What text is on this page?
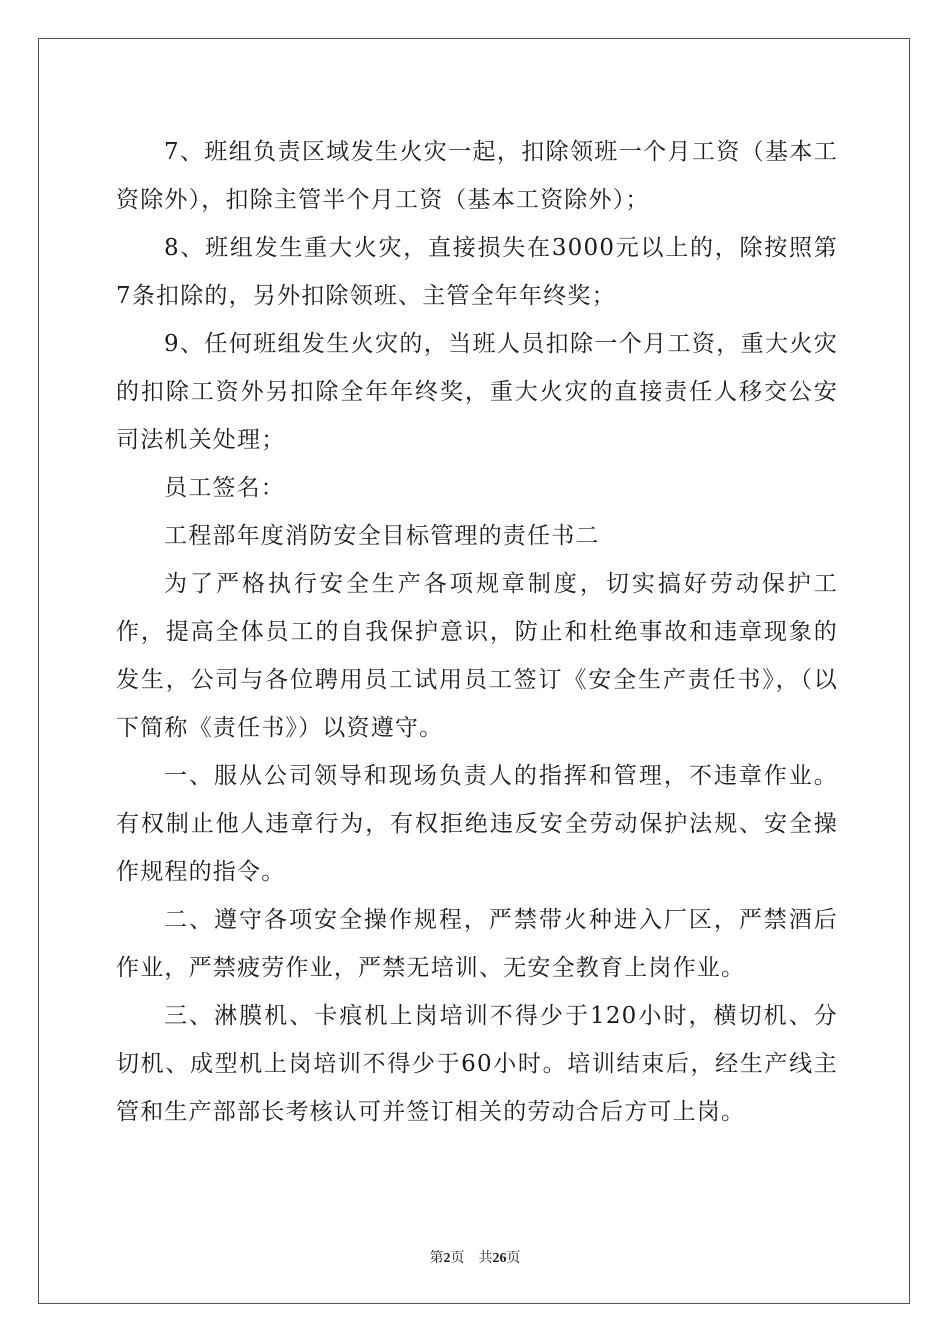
7、班组负责区域发生火灾一起，扣除领班一个月工资（基本工资除外），扣除主管半个月工资（基本工资除外）；

8、班组发生重大火灾，直接损失在3000元以上的，除按照第7条扣除的，另外扣除领班、主管全年年终奖；

9、任何班组发生火灾的，当班人员扣除一个月工资，重大火灾的扣除工资外另扣除全年年终奖，重大火灾的直接责任人移交公安司法机关处理；

员工签名：

工程部年度消防安全目标管理的责任书二

为了严格执行安全生产各项规章制度，切实搞好劳动保护工作，提高全体员工的自我保护意识，防止和杜绝事故和违章现象的发生，公司与各位聘用员工试用员工签订《安全生产责任书》，（以下简称《责任书》）以资遵守。

一、服从公司领导和现场负责人的指挥和管理，不违章作业。有权制止他人违章行为，有权拒绝违反安全劳动保护法规、安全操作规程的指令。

二、遵守各项安全操作规程，严禁带火种进入厂区，严禁酒后作业，严禁疲劳作业，严禁无培训、无安全教育上岗作业。

三、淋膜机、卡痕机上岗培训不得少于120小时，横切机、分切机、成型机上岗培训不得少于60小时。培训结束后，经生产线主管和生产部部长考核认可并签订相关的劳动合后方可上岗。

第2页 共26页
